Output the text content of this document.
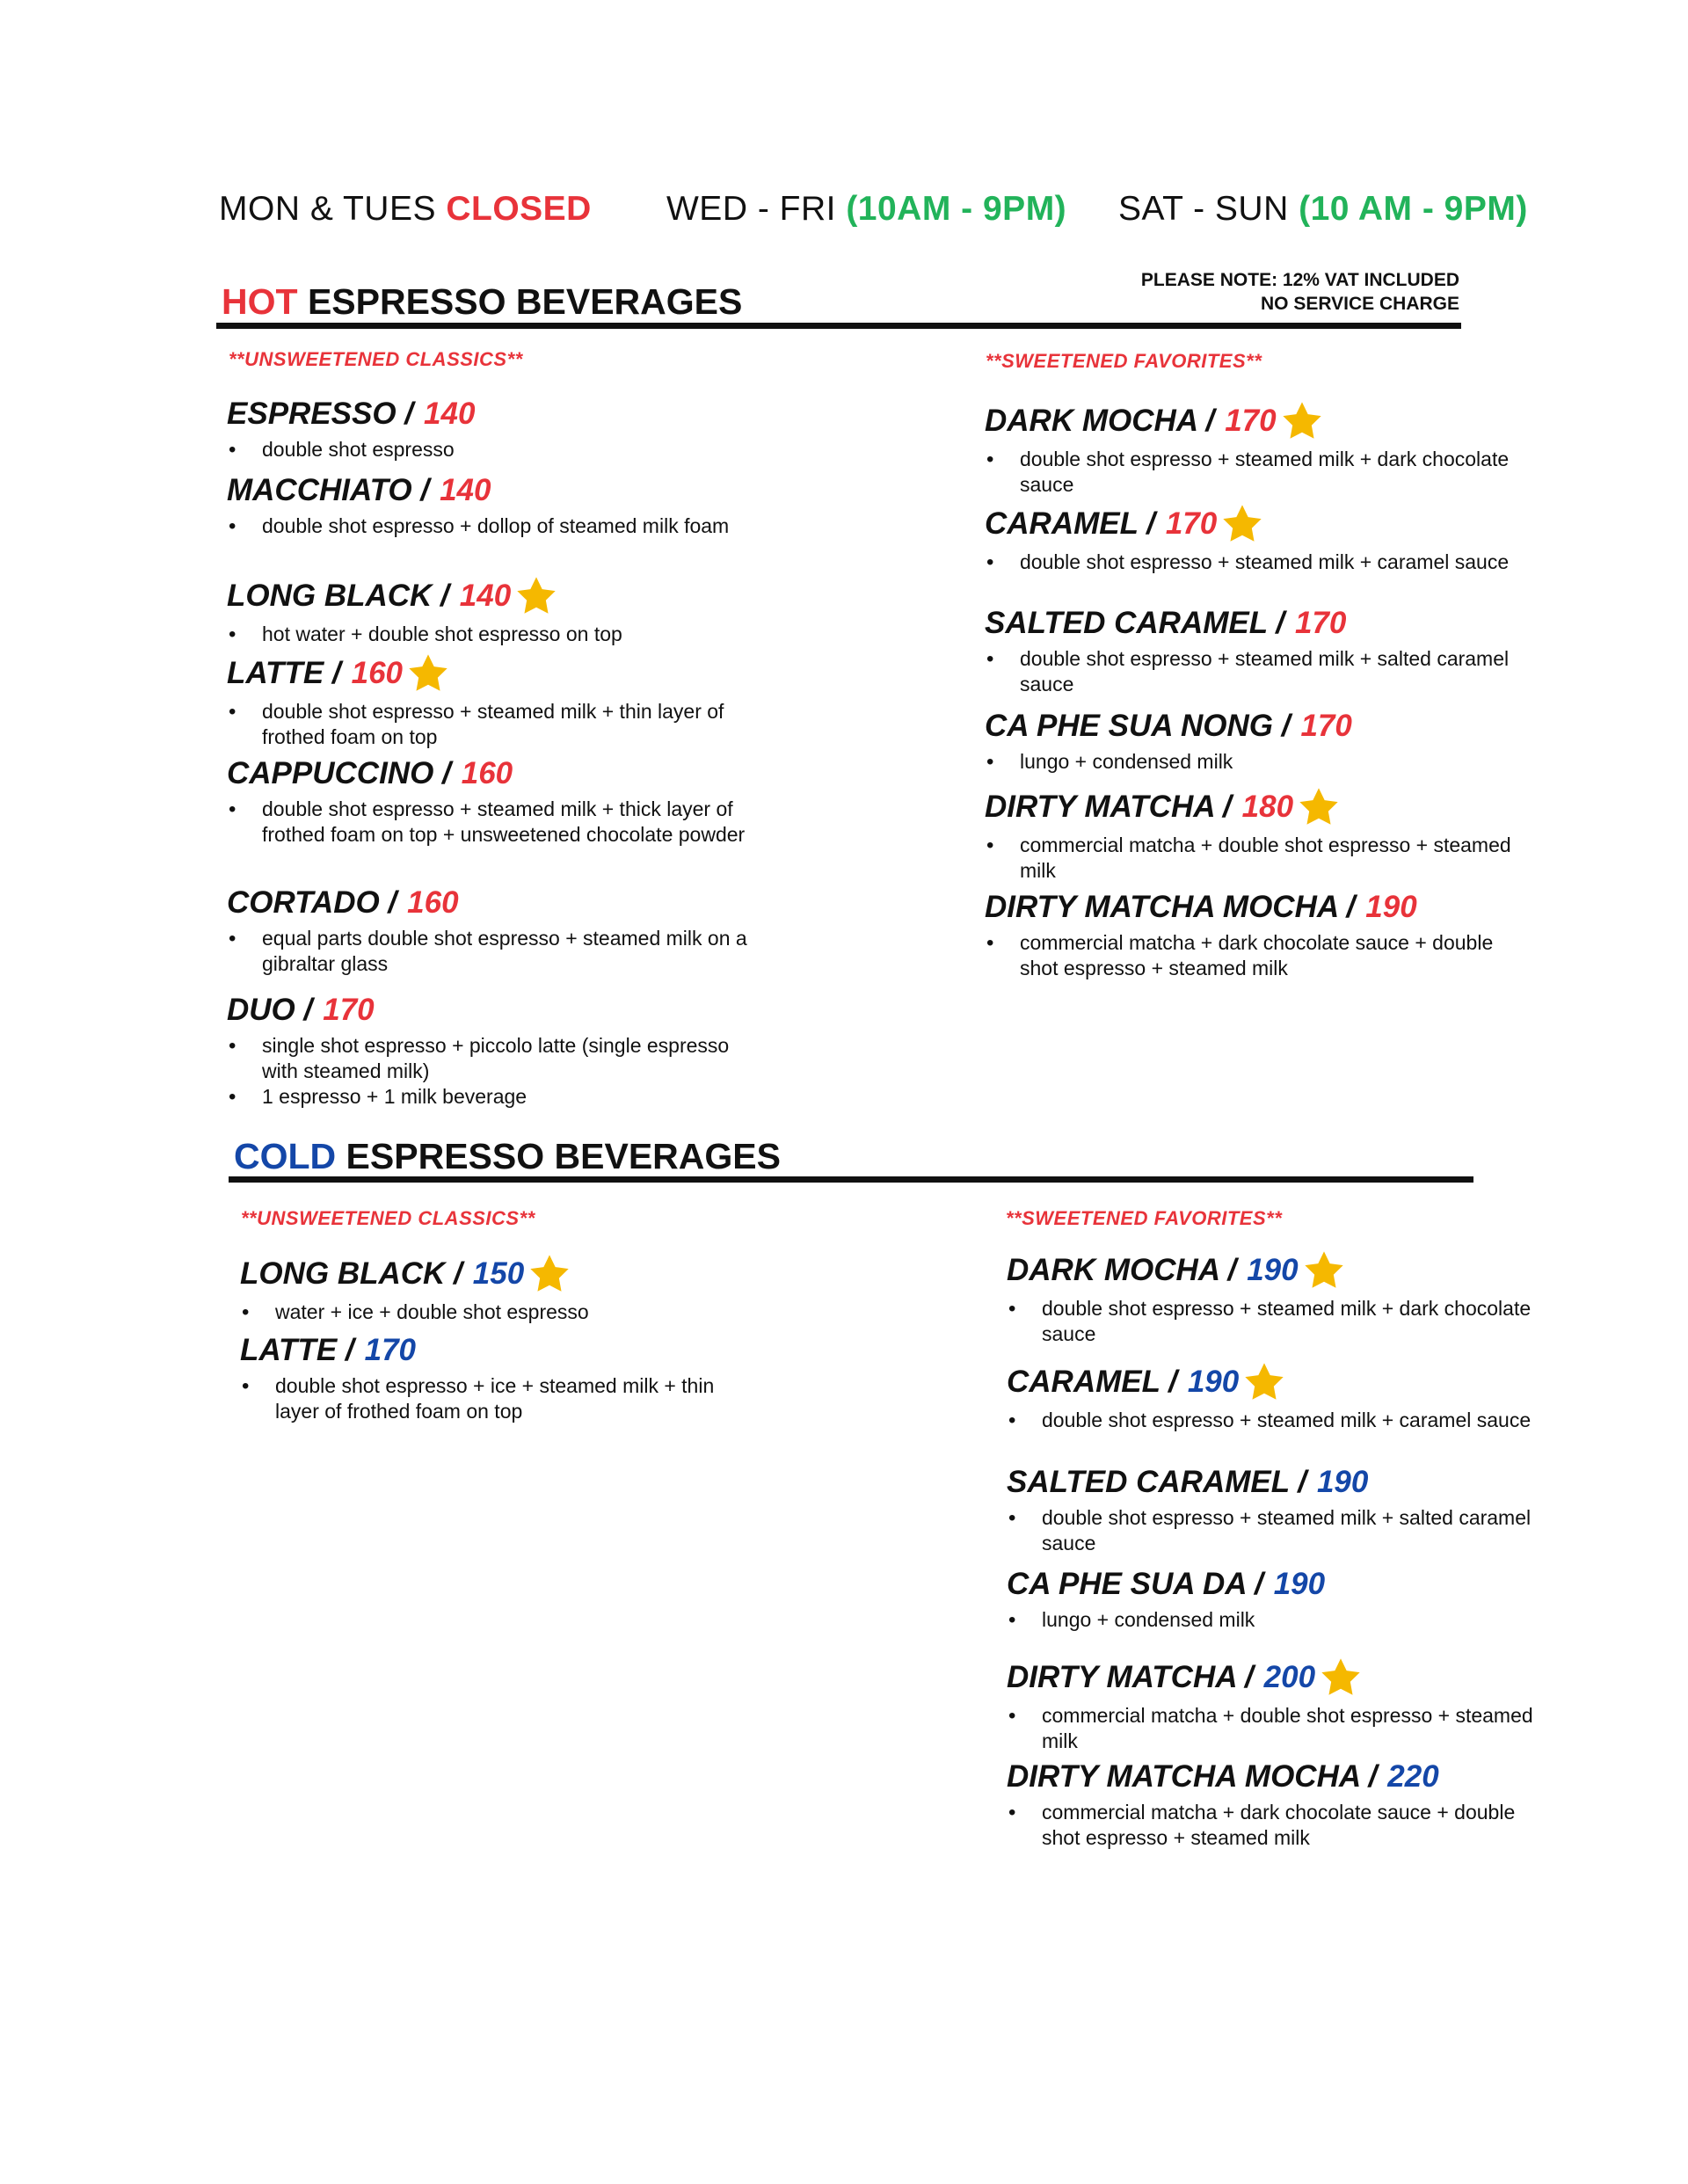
MON & TUES CLOSED WED - FRI (10AM - 9PM) SAT - SUN (10 AM - 9PM)
PLEASE NOTE: 12% VAT INCLUDED
NO SERVICE CHARGE
HOT ESPRESSO BEVERAGES
**UNSWEETENED CLASSICS**	**SWEETENED FAVORITES**
ESPRESSO / 140
• double shot espresso
MACCHIATO / 140
• double shot espresso + dollop of steamed milk foam
LONG BLACK / 140
• hot water + double shot espresso on top
LATTE / 160
• double shot espresso + steamed milk + thin layer of frothed foam on top
CAPPUCCINO / 160
• double shot espresso + steamed milk + thick layer of frothed foam on top + unsweetened chocolate powder
CORTADO / 160
• equal parts double shot espresso + steamed milk on a gibraltar glass
DUO / 170
• single shot espresso + piccolo latte (single espresso with steamed milk)
• 1 espresso + 1 milk beverage
DARK MOCHA / 170
• double shot espresso + steamed milk + dark chocolate sauce
CARAMEL / 170
• double shot espresso + steamed milk + caramel sauce
SALTED CARAMEL / 170
• double shot espresso + steamed milk + salted caramel sauce
CA PHE SUA NONG / 170
• lungo + condensed milk
DIRTY MATCHA / 180
• commercial matcha + double shot espresso + steamed milk
DIRTY MATCHA MOCHA / 190
• commercial matcha + dark chocolate sauce + double shot espresso + steamed milk
COLD ESPRESSO BEVERAGES
**UNSWEETENED CLASSICS**	**SWEETENED FAVORITES**
LONG BLACK / 150
• water + ice + double shot espresso
LATTE / 170
• double shot espresso + ice + steamed milk + thin layer of frothed foam on top
DARK MOCHA / 190
• double shot espresso + steamed milk + dark chocolate sauce
CARAMEL / 190
• double shot espresso + steamed milk + caramel sauce
SALTED CARAMEL / 190
• double shot espresso + steamed milk + salted caramel sauce
CA PHE SUA DA / 190
• lungo + condensed milk
DIRTY MATCHA / 200
• commercial matcha + double shot espresso + steamed milk
DIRTY MATCHA MOCHA / 220
• commercial matcha + dark chocolate sauce + double shot espresso + steamed milk
